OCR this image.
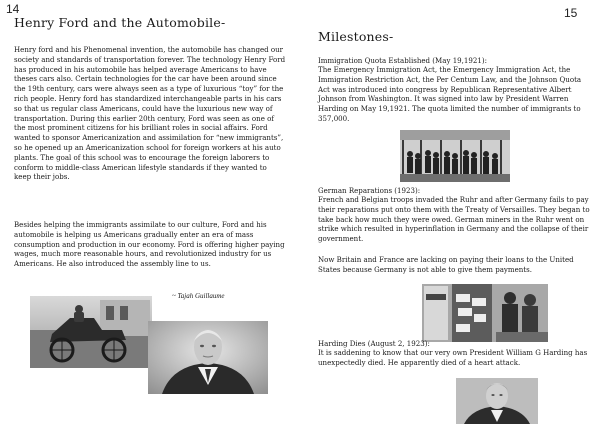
14
Henry Ford and the Automobile-

Henry ford and his Phenomenal invention, the automobile has changed our society and standards of transportation forever. The technology Henry Ford has produced in his automobile has helped average Americans to have theses cars also. Certain technologies for the car have been around since the 19th century, cars were always seen as a type of luxurious “toy” for the rich people. Henry ford has standardized interchangeable parts in his cars so that us regular class Americans, could have the luxurious new way of transportation. During this earlier 20th century, Ford was seen as one of the most prominent citizens for his brilliant roles in social affairs. Ford wanted to sponsor Americanization and assimilation for “new immigrants”, so he opened up an Americanization school for foreign workers at his auto plants. The goal of this school was to encourage the foreign laborers to conform to middle-class American lifestyle standards if they wanted to keep their jobs.

Besides helping the immigrants assimilate to our culture, Ford and his automobile is helping us Americans gradually enter an era of mass consumption and production in our economy. Ford is offering higher paying wages, much more reasonable hours, and revolutionized industry for us Americans. He also introduced the assembly line to us.

~ Tajah Guillaume
15
Milestones-
Immigration Quota Established (May 19,1921):

The Emergency Immigration Act, the Emergency Immigration Act, the Immigration Restriction Act, the Per Centum Law, and the Johnson Quota Act was introduced into congress by Republican Representative Albert Johnson from Washington. It was signed into law by President Warren Harding on May 19,1921. The quota limited the number of immigrants to 357,000.

German Reparations (1923):

French and Belgian troops invaded the Ruhr and after Germany fails to pay their reparations put onto them with the Treaty of Versailles. They began to take back how much they were owed. German miners in the Ruhr went on strike which resulted in hyperinflation in Germany and the collapse of their government.

Now Britain and France are lacking on paying their loans to the United States because Germany is not able to give them payments.

Harding Dies (August 2, 1923):

It is saddening to know that our very own President William G Harding has unexpectedly died. He apparently died of a heart attack.
